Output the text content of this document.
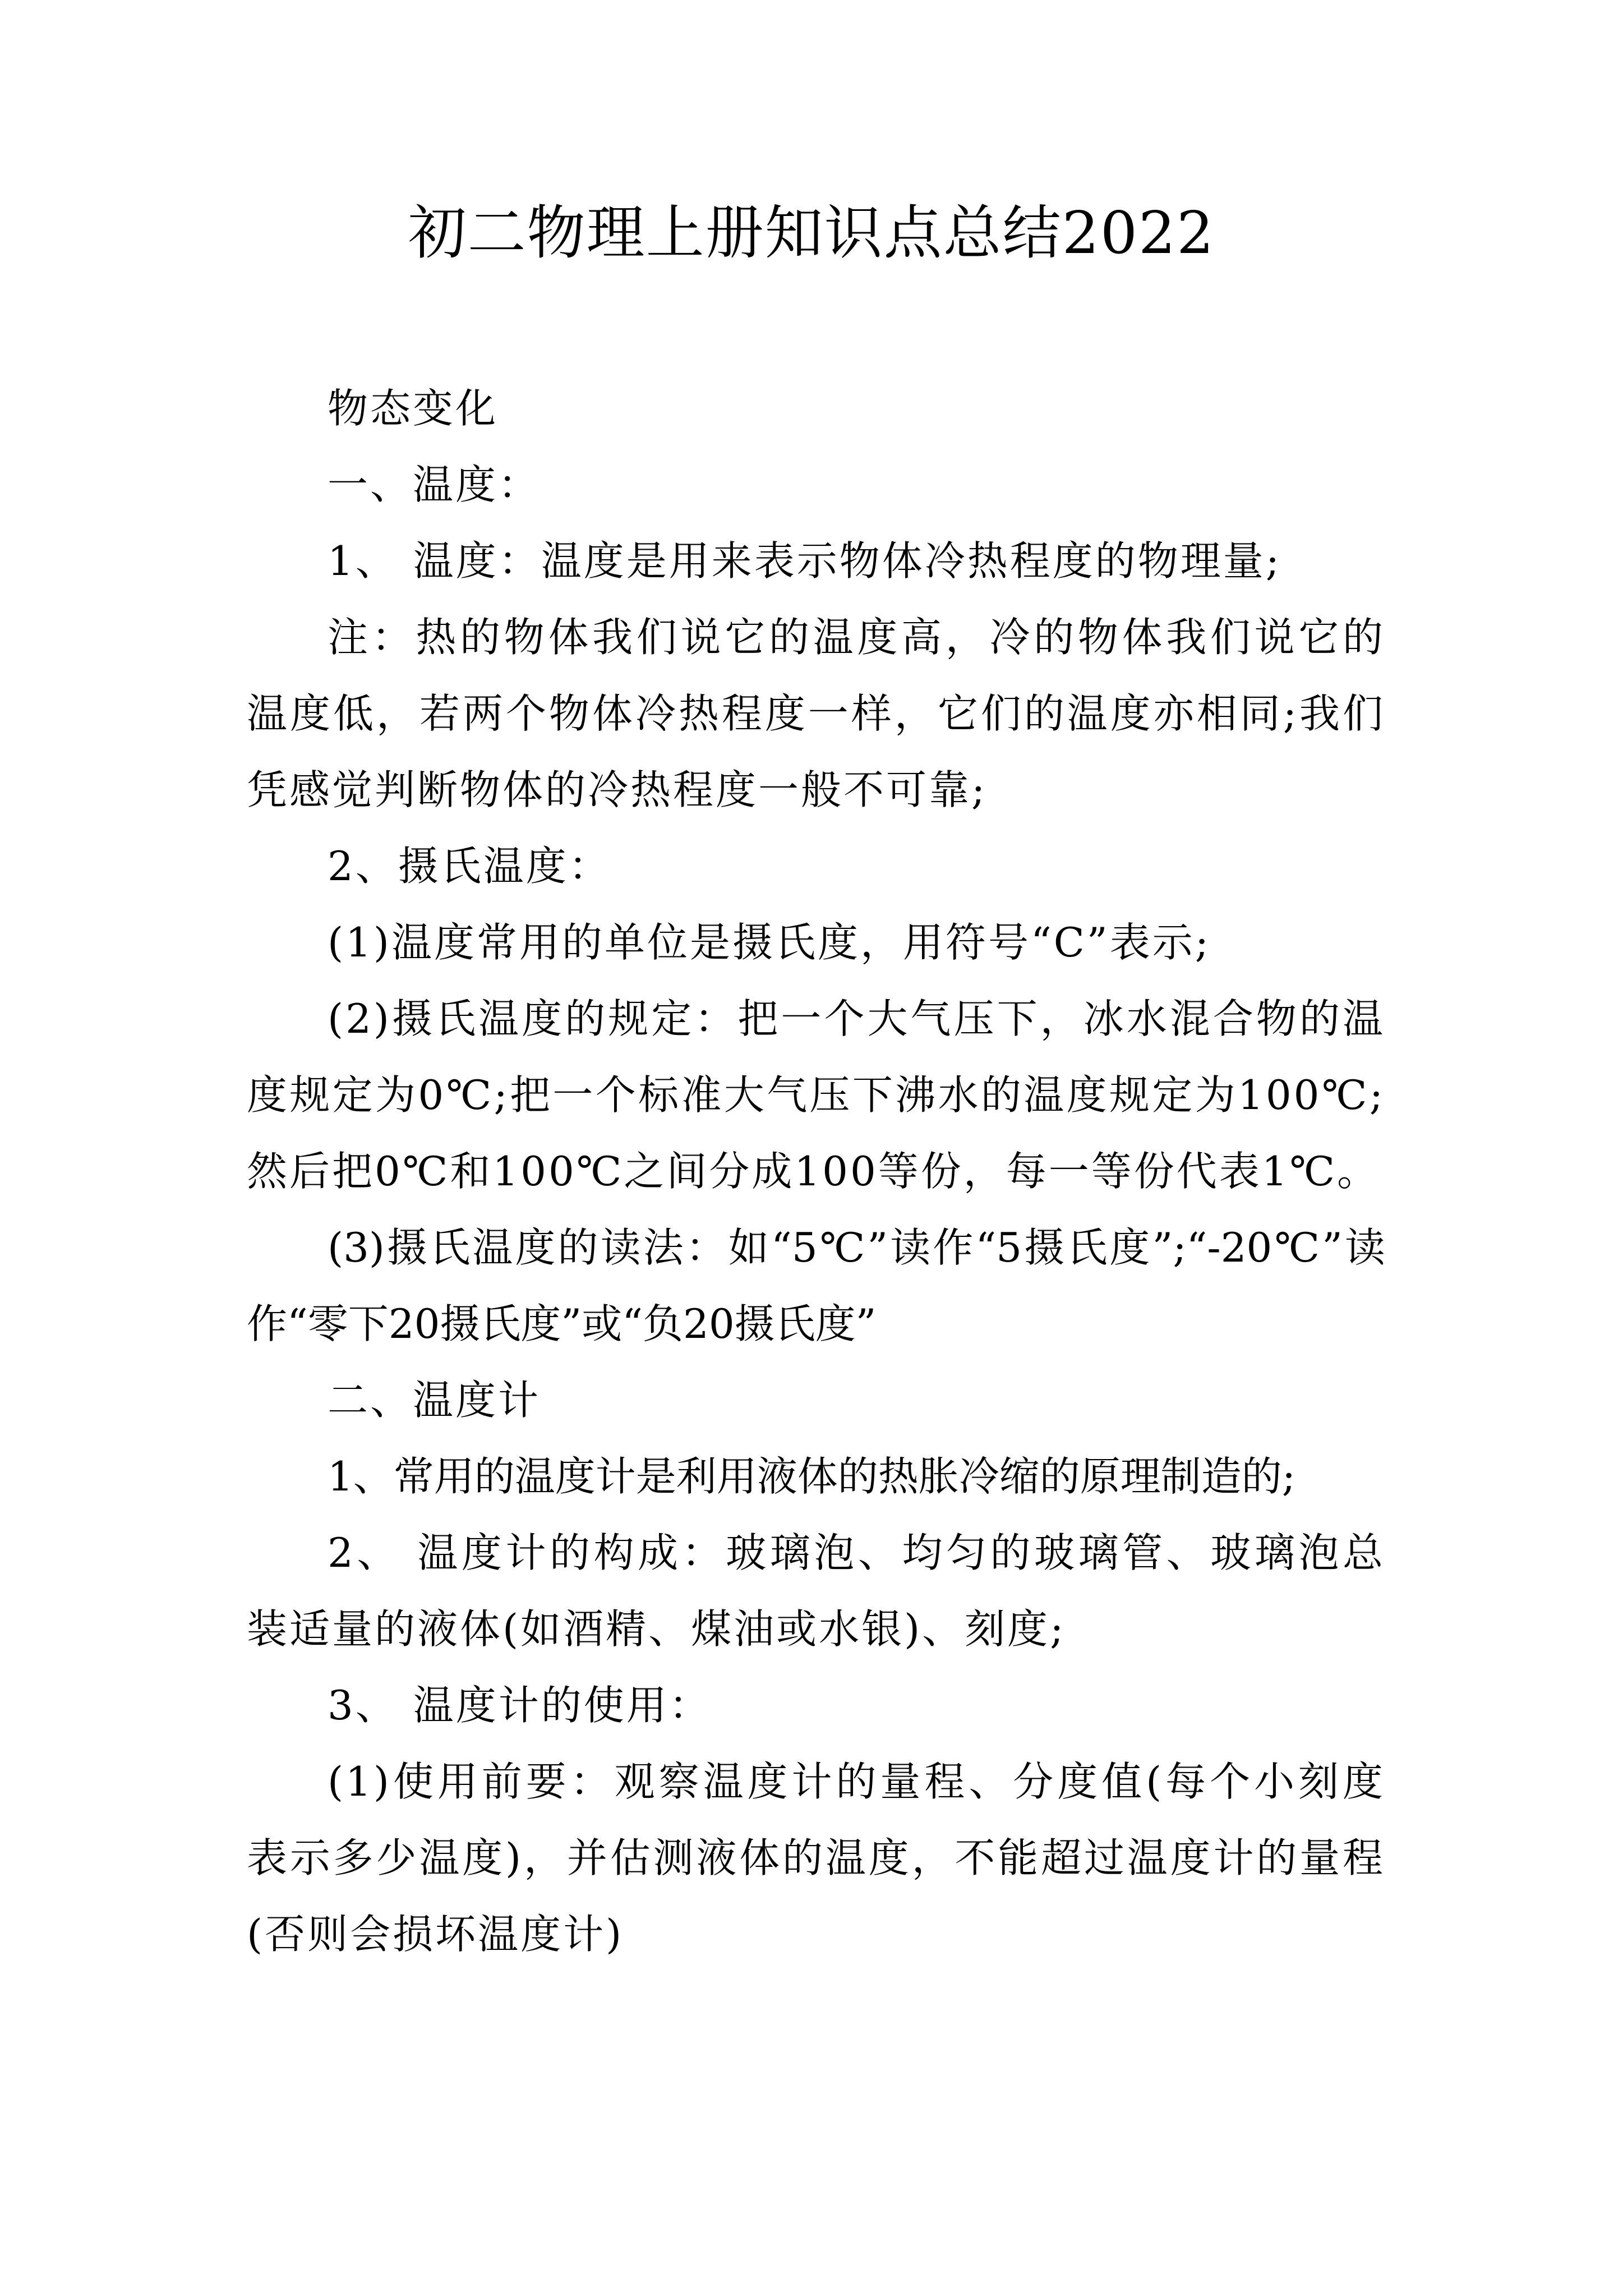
初二物理上册知识点总结2022

物态变化

一、温度：

1、 温度：温度是用来表示物体冷热程度的物理量;

注：热的物体我们说它的温度高，冷的物体我们说它的温度低，若两个物体冷热程度一样，它们的温度亦相同;我们凭感觉判断物体的冷热程度一般不可靠;

2、摄氏温度：

(1)温度常用的单位是摄氏度，用符号“C”表示;

(2)摄氏温度的规定：把一个大气压下，冰水混合物的温度规定为0℃;把一个标准大气压下沸水的温度规定为100℃;然后把0℃和100℃之间分成100等份，每一等份代表1℃。

(3)摄氏温度的读法：如“5℃”读作“5摄氏度”;“-20℃”读作“零下20摄氏度”或“负20摄氏度”

二、温度计

1、常用的温度计是利用液体的热胀冷缩的原理制造的;

2、 温度计的构成：玻璃泡、均匀的玻璃管、玻璃泡总装适量的液体(如酒精、煤油或水银)、刻度;

3、 温度计的使用：

(1)使用前要：观察温度计的量程、分度值(每个小刻度表示多少温度)，并估测液体的温度，不能超过温度计的量程(否则会损坏温度计)
